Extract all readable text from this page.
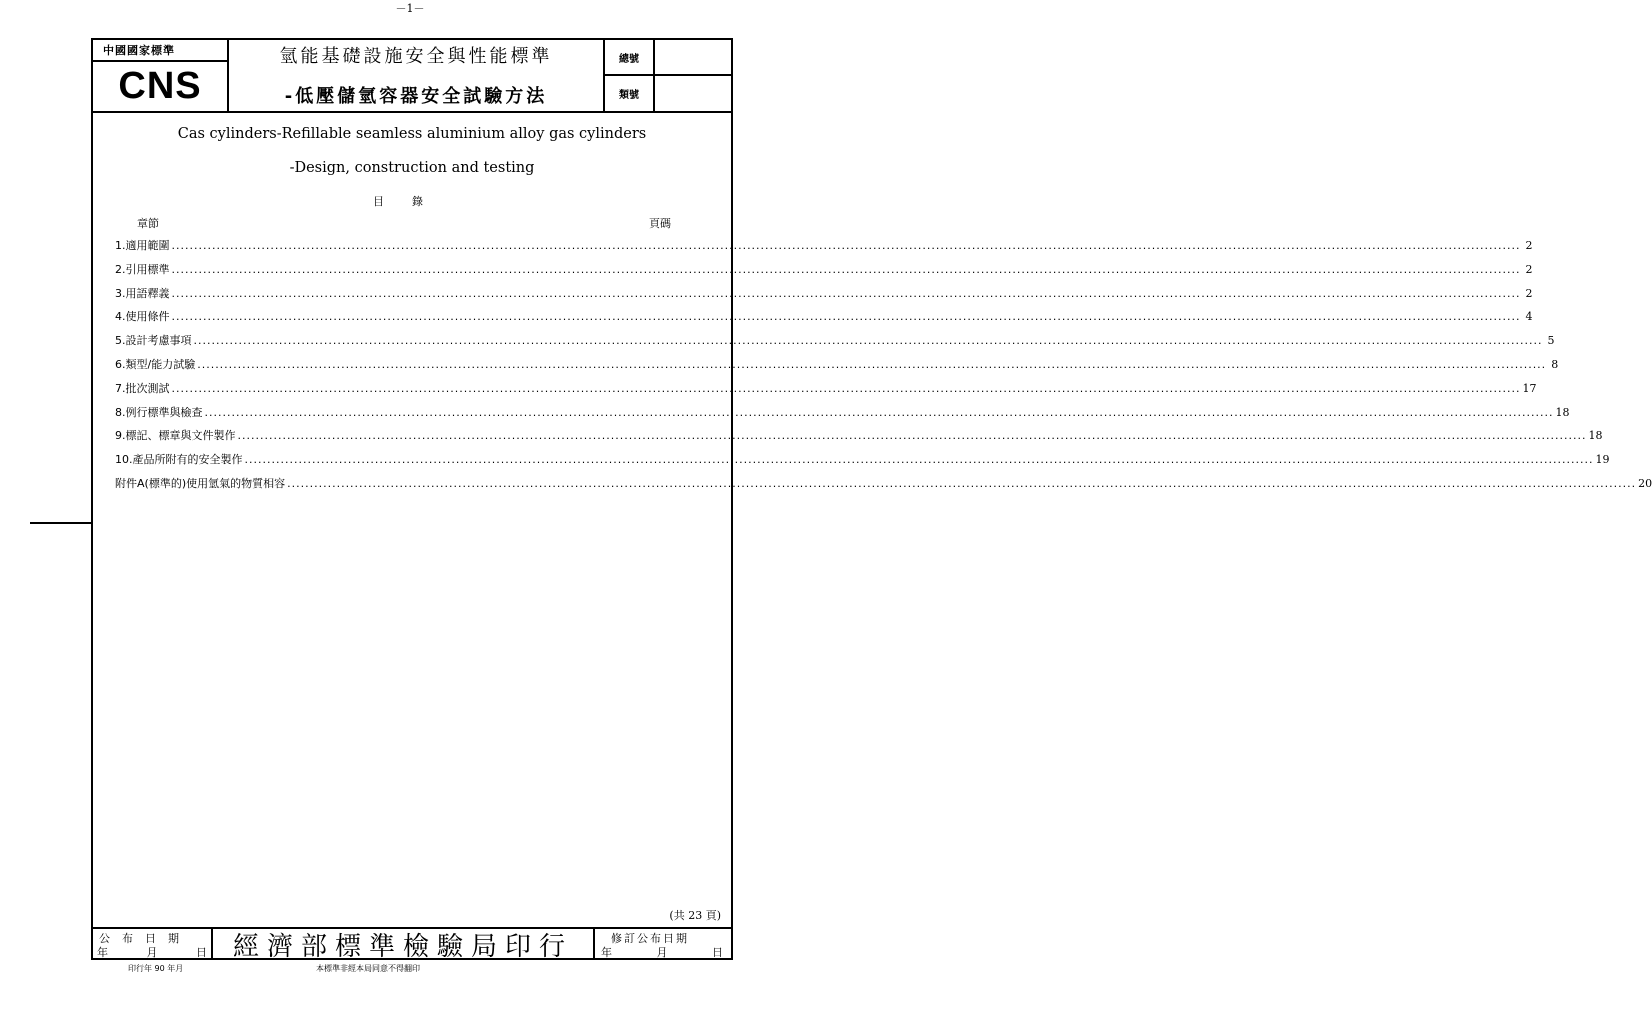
－1－
中國國家標準
CNS
氫能基礎設施安全與性能標準
-低壓儲氫容器安全試驗方法
總號
類號
Cas cylinders-Refillable seamless aluminium alloy gas cylinders
-Design, construction and testing
目錄
章節	頁碼
1.適用範圍 ............................................................................................................................................................................................................................................................................................................ 2
2.引用標準 ............................................................................................................................................................................................................................................................................................................ 2
3.用語釋義 ............................................................................................................................................................................................................................................................................................................ 2
4.使用條件 ............................................................................................................................................................................................................................................................................................................ 4
5.設計考慮事項 ............................................................................................................................................................................................................................................................................................................ 5
6.類型/能力試驗 ............................................................................................................................................................................................................................................................................................................ 8
7.批次測試 ............................................................................................................................................................................................................................................................................................................ 17
8.例行標準與檢查 ............................................................................................................................................................................................................................................................................................................ 18
9.標記、標章與文件製作 ............................................................................................................................................................................................................................................................................................................ 18
10.產品所附有的安全製作 ............................................................................................................................................................................................................................................................................................................ 19
附件A(標準的)使用氫氣的物質相容 ............................................................................................................................................................................................................................................................................................................ 20
(共 23 頁)
公布日期
年	月	日 經濟部標準檢驗局印行	修訂公布日期
年	月	日
印行年 90 年月	本標準非經本局同意不得翻印
